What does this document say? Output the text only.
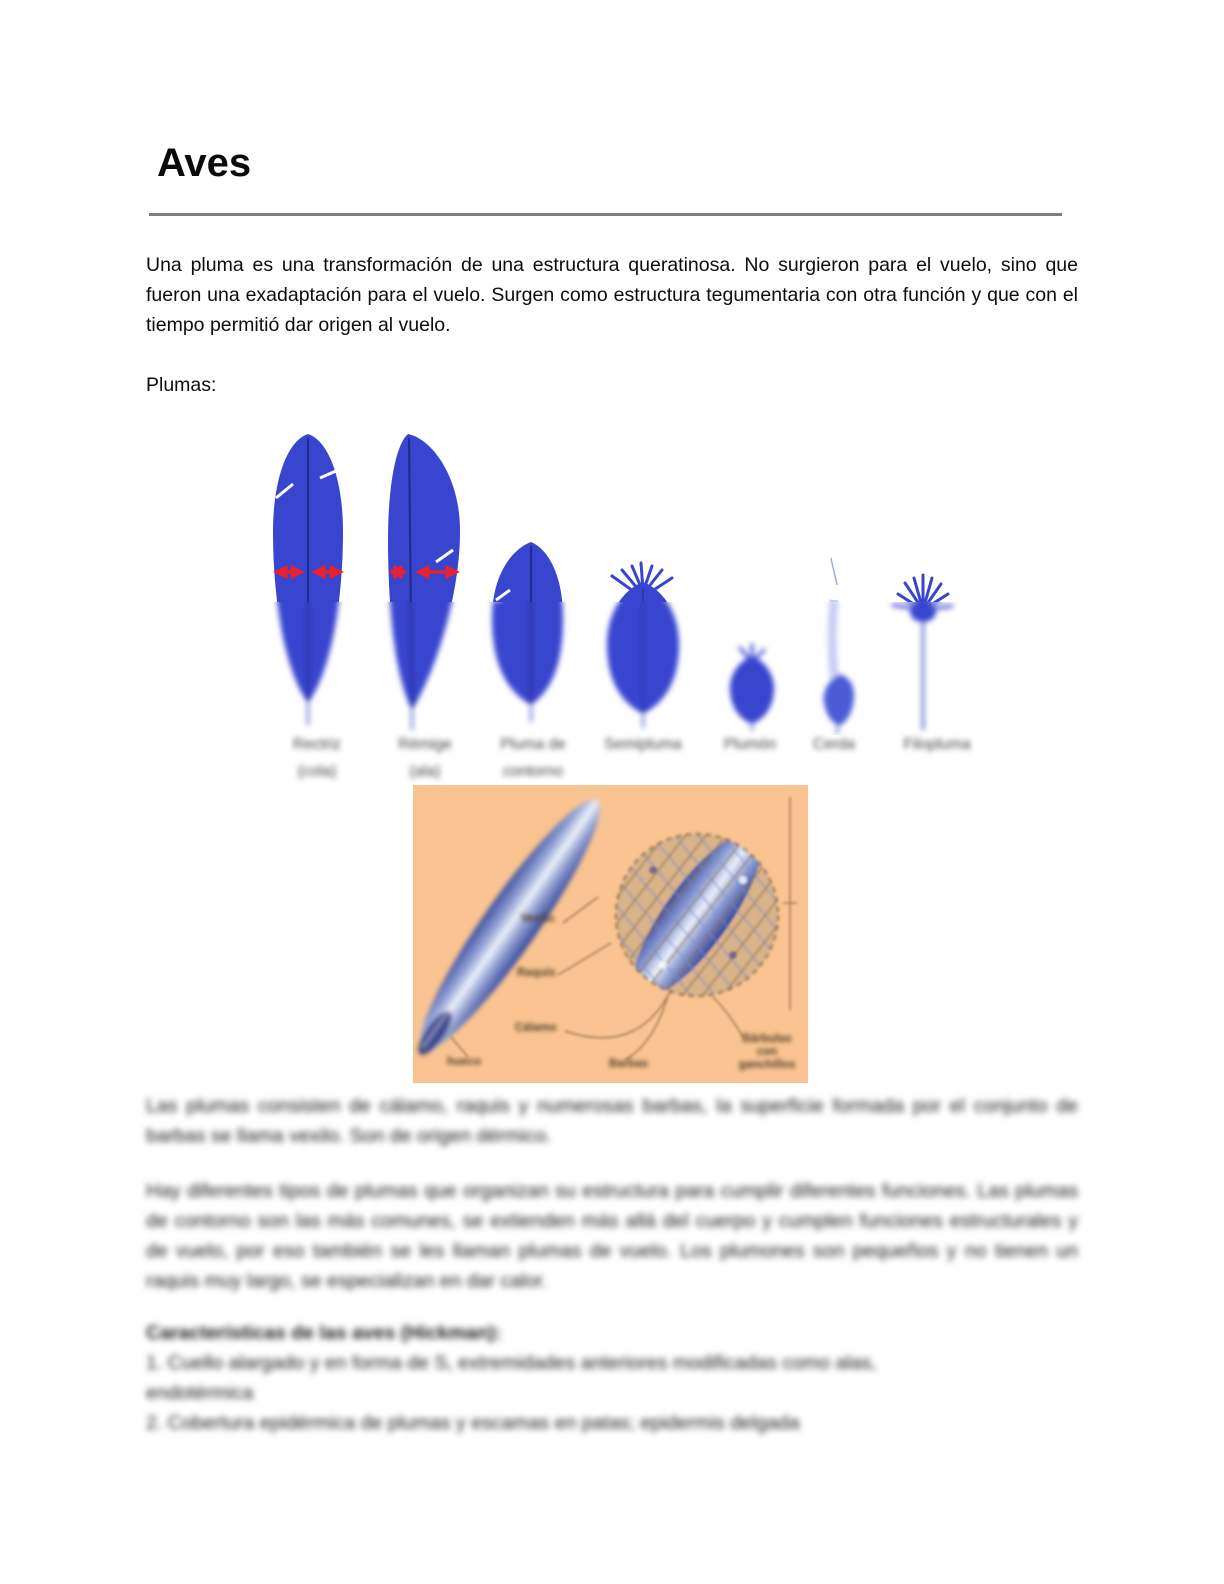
Aves

Una pluma es una transformación de una estructura queratinosa. No surgieron para el vuelo, sino que fueron una exadaptación para el vuelo. Surgen como estructura tegumentaria con otra función y que con el tiempo permitió dar origen al vuelo.

Plumas:

Rectriz
(cola)
Rémige
(ala)
Pluma de
contorno
Semipluma	Plumón	Cerda	Filopluma
Vexilo
Raquis
Cálamo
hueco	Barbas
Bárbulas con ganchillos

Las plumas consisten de cálamo, raquis y numerosas barbas, la superficie formada por el conjunto de barbas se llama vexilo. Son de origen dérmico.

Hay diferentes tipos de plumas que organizan su estructura para cumplir diferentes funciones. Las plumas de contorno son las más comunes, se extienden más allá del cuerpo y cumplen funciones estructurales y de vuelo, por eso también se les llaman plumas de vuelo. Los plumones son pequeños y no tienen un raquis muy largo, se especializan en dar calor.

Características de las aves (Hickman):
1. Cuello alargado y en forma de S, extremidades anteriores modificadas como alas,
endotérmica
2. Cobertura epidérmica de plumas y escamas en patas; epidermis delgada
